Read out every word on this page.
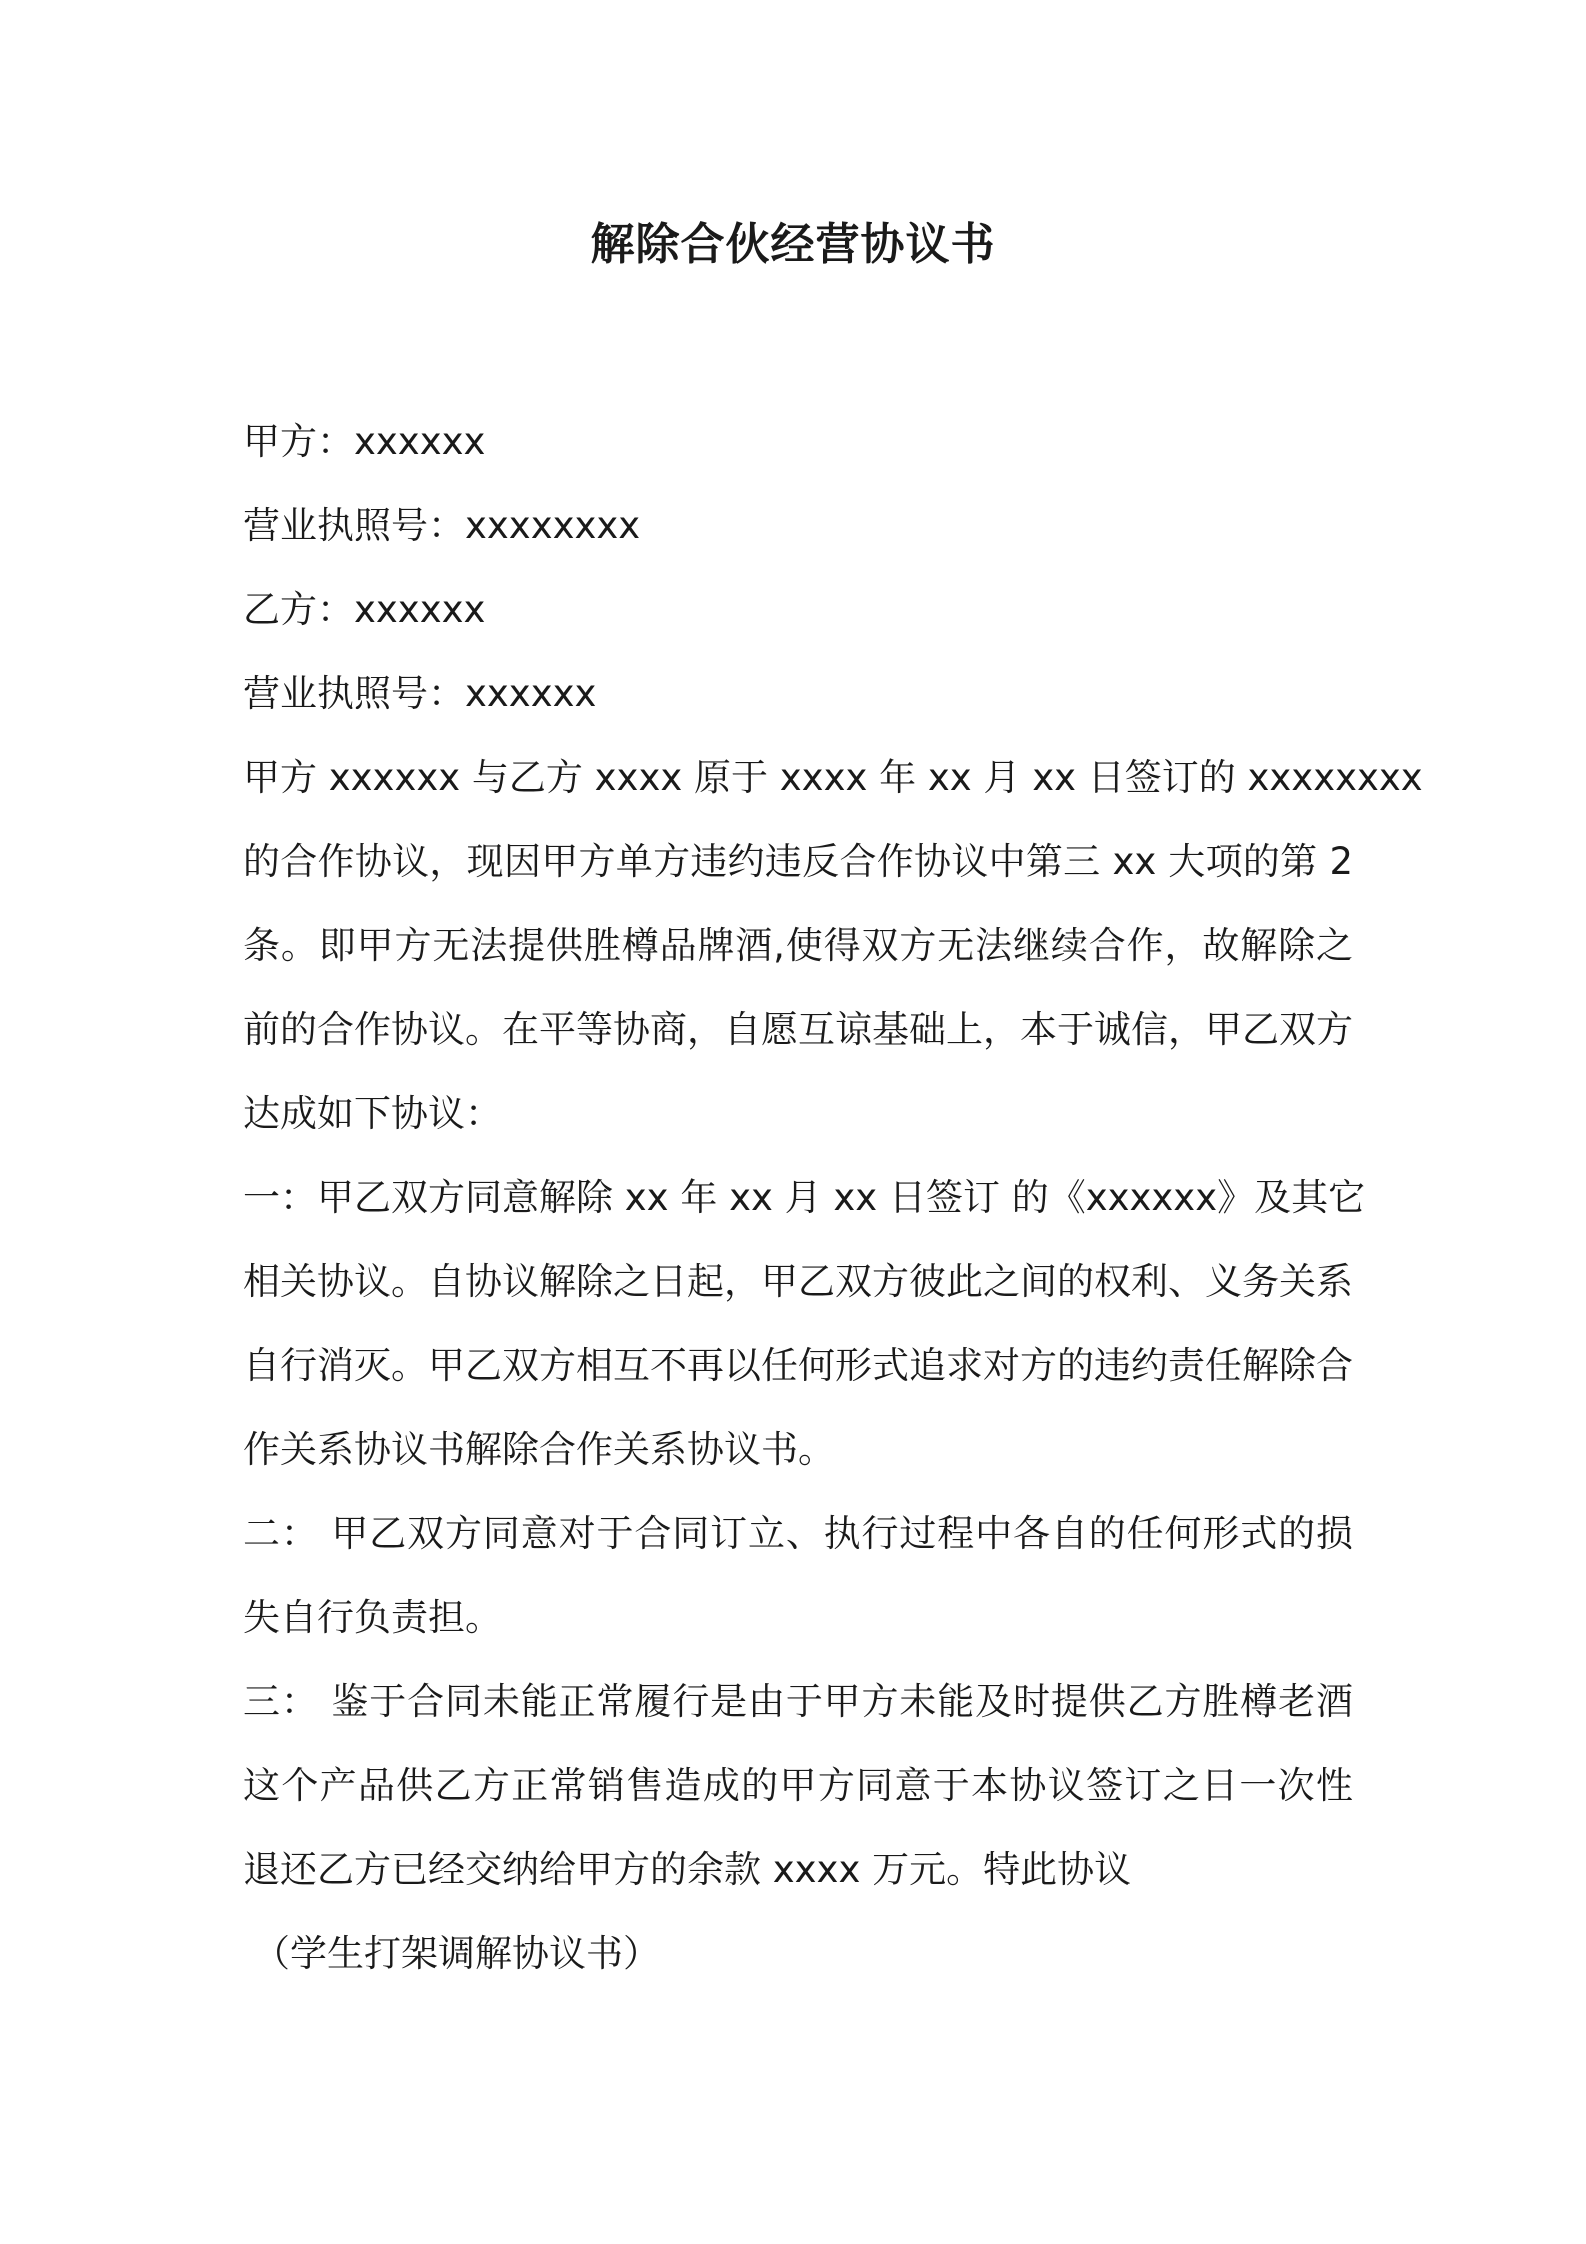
解除合伙经营协议书
甲方：xxxxxx
营业执照号：xxxxxxxx
乙方：xxxxxx
营业执照号：xxxxxx
甲方 xxxxxx 与乙方 xxxx 原于 xxxx 年 xx 月 xx 日签订的 xxxxxxxx
的合作协议，现因甲方单方违约违反合作协议中第三 xx 大项的第 2
条。即甲方无法提供胜樽品牌酒,使得双方无法继续合作，故解除之
前的合作协议。在平等协商，自愿互谅基础上，本于诚信，甲乙双方
达成如下协议：
一：甲乙双方同意解除 xx 年 xx 月 xx 日签订 的《xxxxxx》及其它
相关协议。自协议解除之日起，甲乙双方彼此之间的权利、义务关系
自行消灭。甲乙双方相互不再以任何形式追求对方的违约责任解除合
作关系协议书解除合作关系协议书。
二： 甲乙双方同意对于合同订立、执行过程中各自的任何形式的损
失自行负责担。
三： 鉴于合同未能正常履行是由于甲方未能及时提供乙方胜樽老酒
这个产品供乙方正常销售造成的甲方同意于本协议签订之日一次性
退还乙方已经交纳给甲方的余款 xxxx 万元。特此协议
（学生打架调解协议书）
